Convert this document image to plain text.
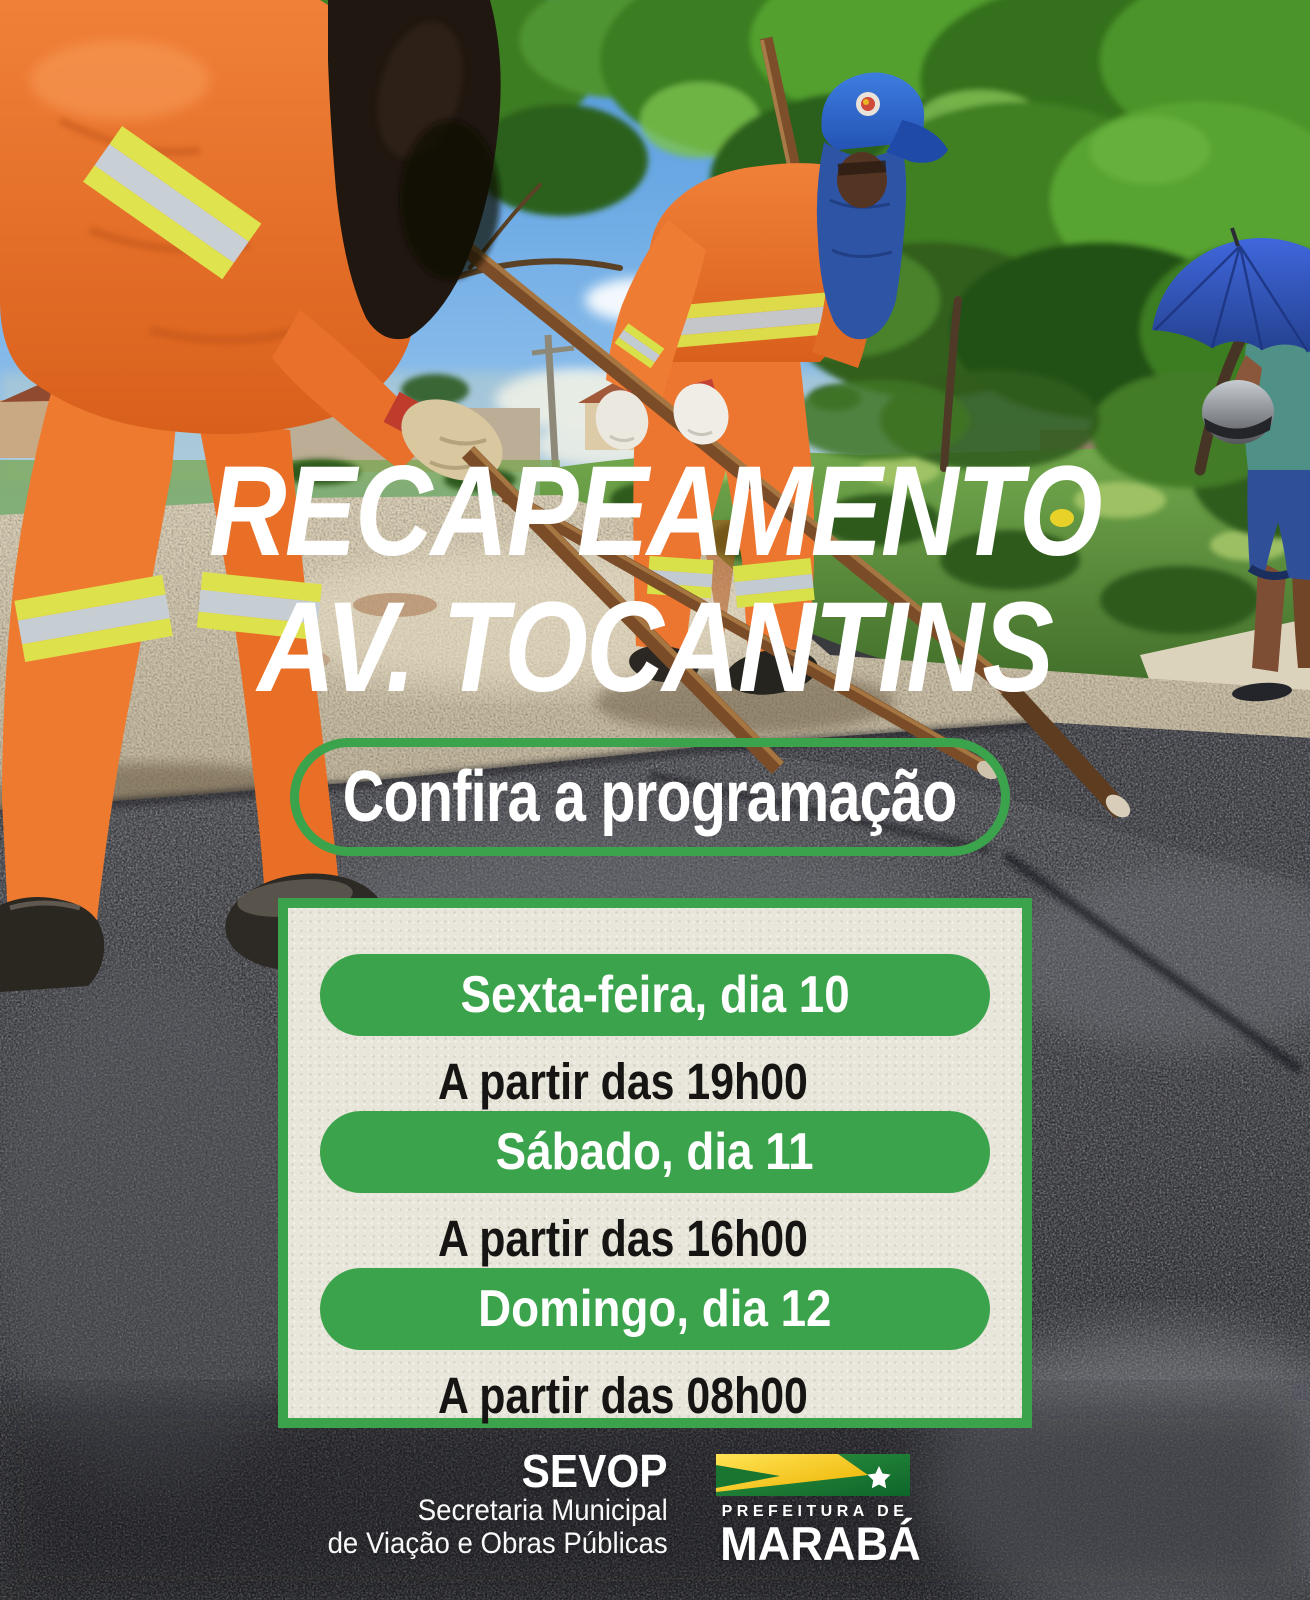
RECAPEAMENTO
AV. TOCANTINS
Confira a programação
Sexta-feira, dia 10
A partir das 19h00
Sábado, dia 11
A partir das 16h00
Domingo, dia 12
A partir das 08h00
SEVOP
Secretaria Municipal
de Viação e Obras Públicas
PREFEITURA DE
MARABÁ
